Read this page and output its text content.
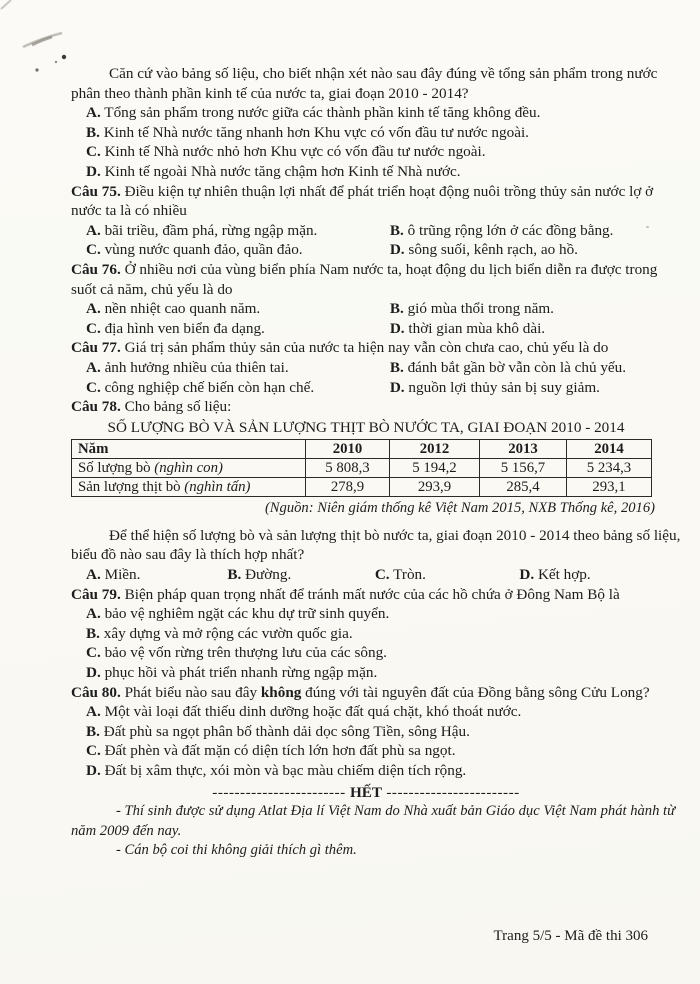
Căn cứ vào bảng số liệu, cho biết nhận xét nào sau đây đúng về tổng sản phẩm trong nước
phân theo thành phần kinh tế của nước ta, giai đoạn 2010 - 2014?
A. Tổng sản phẩm trong nước giữa các thành phần kinh tế tăng không đều.
B. Kinh tế Nhà nước tăng nhanh hơn Khu vực có vốn đầu tư nước ngoài.
C. Kinh tế Nhà nước nhỏ hơn Khu vực có vốn đầu tư nước ngoài.
D. Kinh tế ngoài Nhà nước tăng chậm hơn Kinh tế Nhà nước.
Câu 75. Điều kiện tự nhiên thuận lợi nhất để phát triển hoạt động nuôi trồng thủy sản nước lợ ở
nước ta là có nhiều
A. bãi triều, đầm phá, rừng ngập mặn.	B. ô trũng rộng lớn ở các đồng bằng.
C. vùng nước quanh đảo, quần đảo.	D. sông suối, kênh rạch, ao hồ.
Câu 76. Ở nhiều nơi của vùng biển phía Nam nước ta, hoạt động du lịch biển diễn ra được trong
suốt cả năm, chủ yếu là do
A. nền nhiệt cao quanh năm.	B. gió mùa thổi trong năm.
C. địa hình ven biển đa dạng.	D. thời gian mùa khô dài.
Câu 77. Giá trị sản phẩm thủy sản của nước ta hiện nay vẫn còn chưa cao, chủ yếu là do
A. ảnh hưởng nhiều của thiên tai.	B. đánh bắt gần bờ vẫn còn là chủ yếu.
C. công nghiệp chế biến còn hạn chế.	D. nguồn lợi thủy sản bị suy giảm.
Câu 78. Cho bảng số liệu:
SỐ LƯỢNG BÒ VÀ SẢN LƯỢNG THỊT BÒ NƯỚC TA, GIAI ĐOẠN 2010 - 2014
Năm	2010	2012	2013	2014
Số lượng bò (nghìn con)	5 808,3	5 194,2	5 156,7	5 234,3
Sản lượng thịt bò (nghìn tấn)	278,9	293,9	285,4	293,1
(Nguồn: Niên giám thống kê Việt Nam 2015, NXB Thống kê, 2016)
Để thể hiện số lượng bò và sản lượng thịt bò nước ta, giai đoạn 2010 - 2014 theo bảng số liệu,
biểu đồ nào sau đây là thích hợp nhất?
A. Miền.	B. Đường.	C. Tròn.	D. Kết hợp.
Câu 79. Biện pháp quan trọng nhất để tránh mất nước của các hồ chứa ở Đông Nam Bộ là
A. bảo vệ nghiêm ngặt các khu dự trữ sinh quyển.
B. xây dựng và mở rộng các vườn quốc gia.
C. bảo vệ vốn rừng trên thượng lưu của các sông.
D. phục hồi và phát triển nhanh rừng ngập mặn.
Câu 80. Phát biểu nào sau đây không đúng với tài nguyên đất của Đồng bằng sông Cửu Long?
A. Một vài loại đất thiếu dinh dưỡng hoặc đất quá chặt, khó thoát nước.
B. Đất phù sa ngọt phân bố thành dải dọc sông Tiền, sông Hậu.
C. Đất phèn và đất mặn có diện tích lớn hơn đất phù sa ngọt.
D. Đất bị xâm thực, xói mòn và bạc màu chiếm diện tích rộng.
------------------------ HẾT ------------------------
- Thí sinh được sử dụng Atlat Địa lí Việt Nam do Nhà xuất bản Giáo dục Việt Nam phát hành từ
năm 2009 đến nay.
- Cán bộ coi thi không giải thích gì thêm.
Trang 5/5 - Mã đề thi 306
